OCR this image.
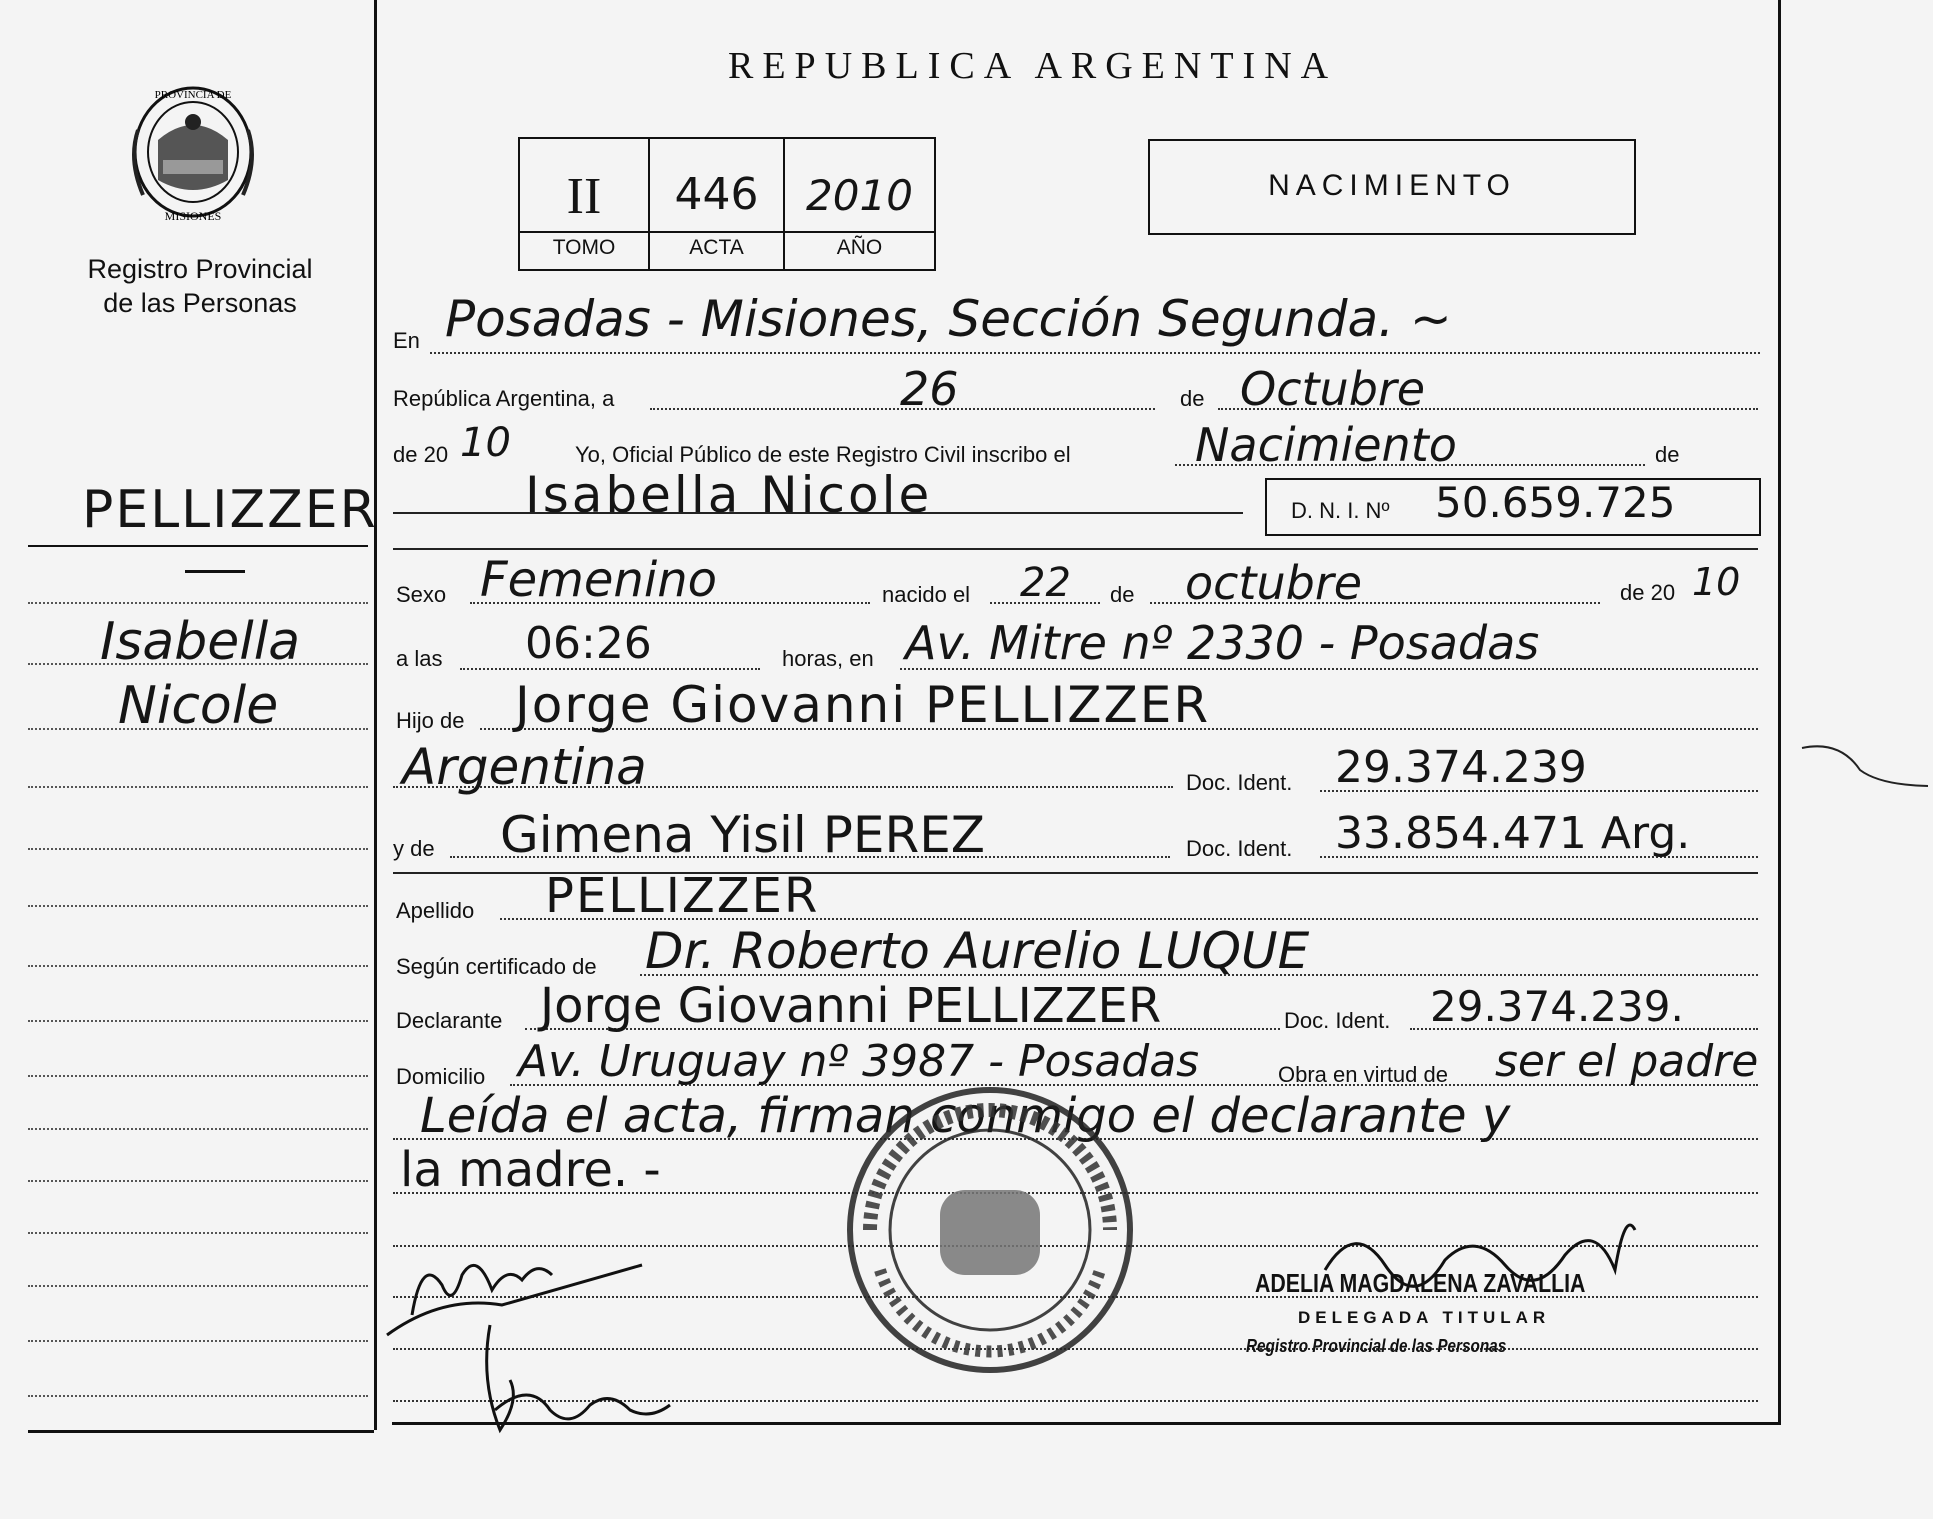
REPUBLICA ARGENTINA
PROVINCIA DE
MISIONES
Registro Provincial
de las Personas
II	446	2010
TOMO	ACTA	AÑO
NACIMIENTO
PELLIZZER
Isabella
Nicole
En Posadas - Misiones, Sección Segunda. ~
República Argentina, a	26	de Octubre
de 20 10	Yo, Oficial Público de este Registro Civil inscribo el	Nacimiento	de
Isabella Nicole	D. N. I. Nº 50.659.725
Sexo Femenino	nacido el 22 de octubre	de 20 10
a las 06:26	horas, en Av. Mitre nº 2330 - Posadas
Hijo de Jorge Giovanni PELLIZZER
Argentina	Doc. Ident. 29.374.239
y de Gimena Yisil PEREZ	Doc. Ident. 33.854.471 Arg.
Apellido PELLIZZER
Según certificado de Dr. Roberto Aurelio LUQUE
Declarante Jorge Giovanni PELLIZZER	Doc. Ident. 29.374.239.
Domicilio Av. Uruguay nº 3987 - Posadas	Obra en virtud de ser el padre
Leída el acta, firman conmigo el declarante y
la madre. -
ADELIA MAGDALENA ZAVALLIA
DELEGADA TITULAR
Registro Provincial de las Personas
